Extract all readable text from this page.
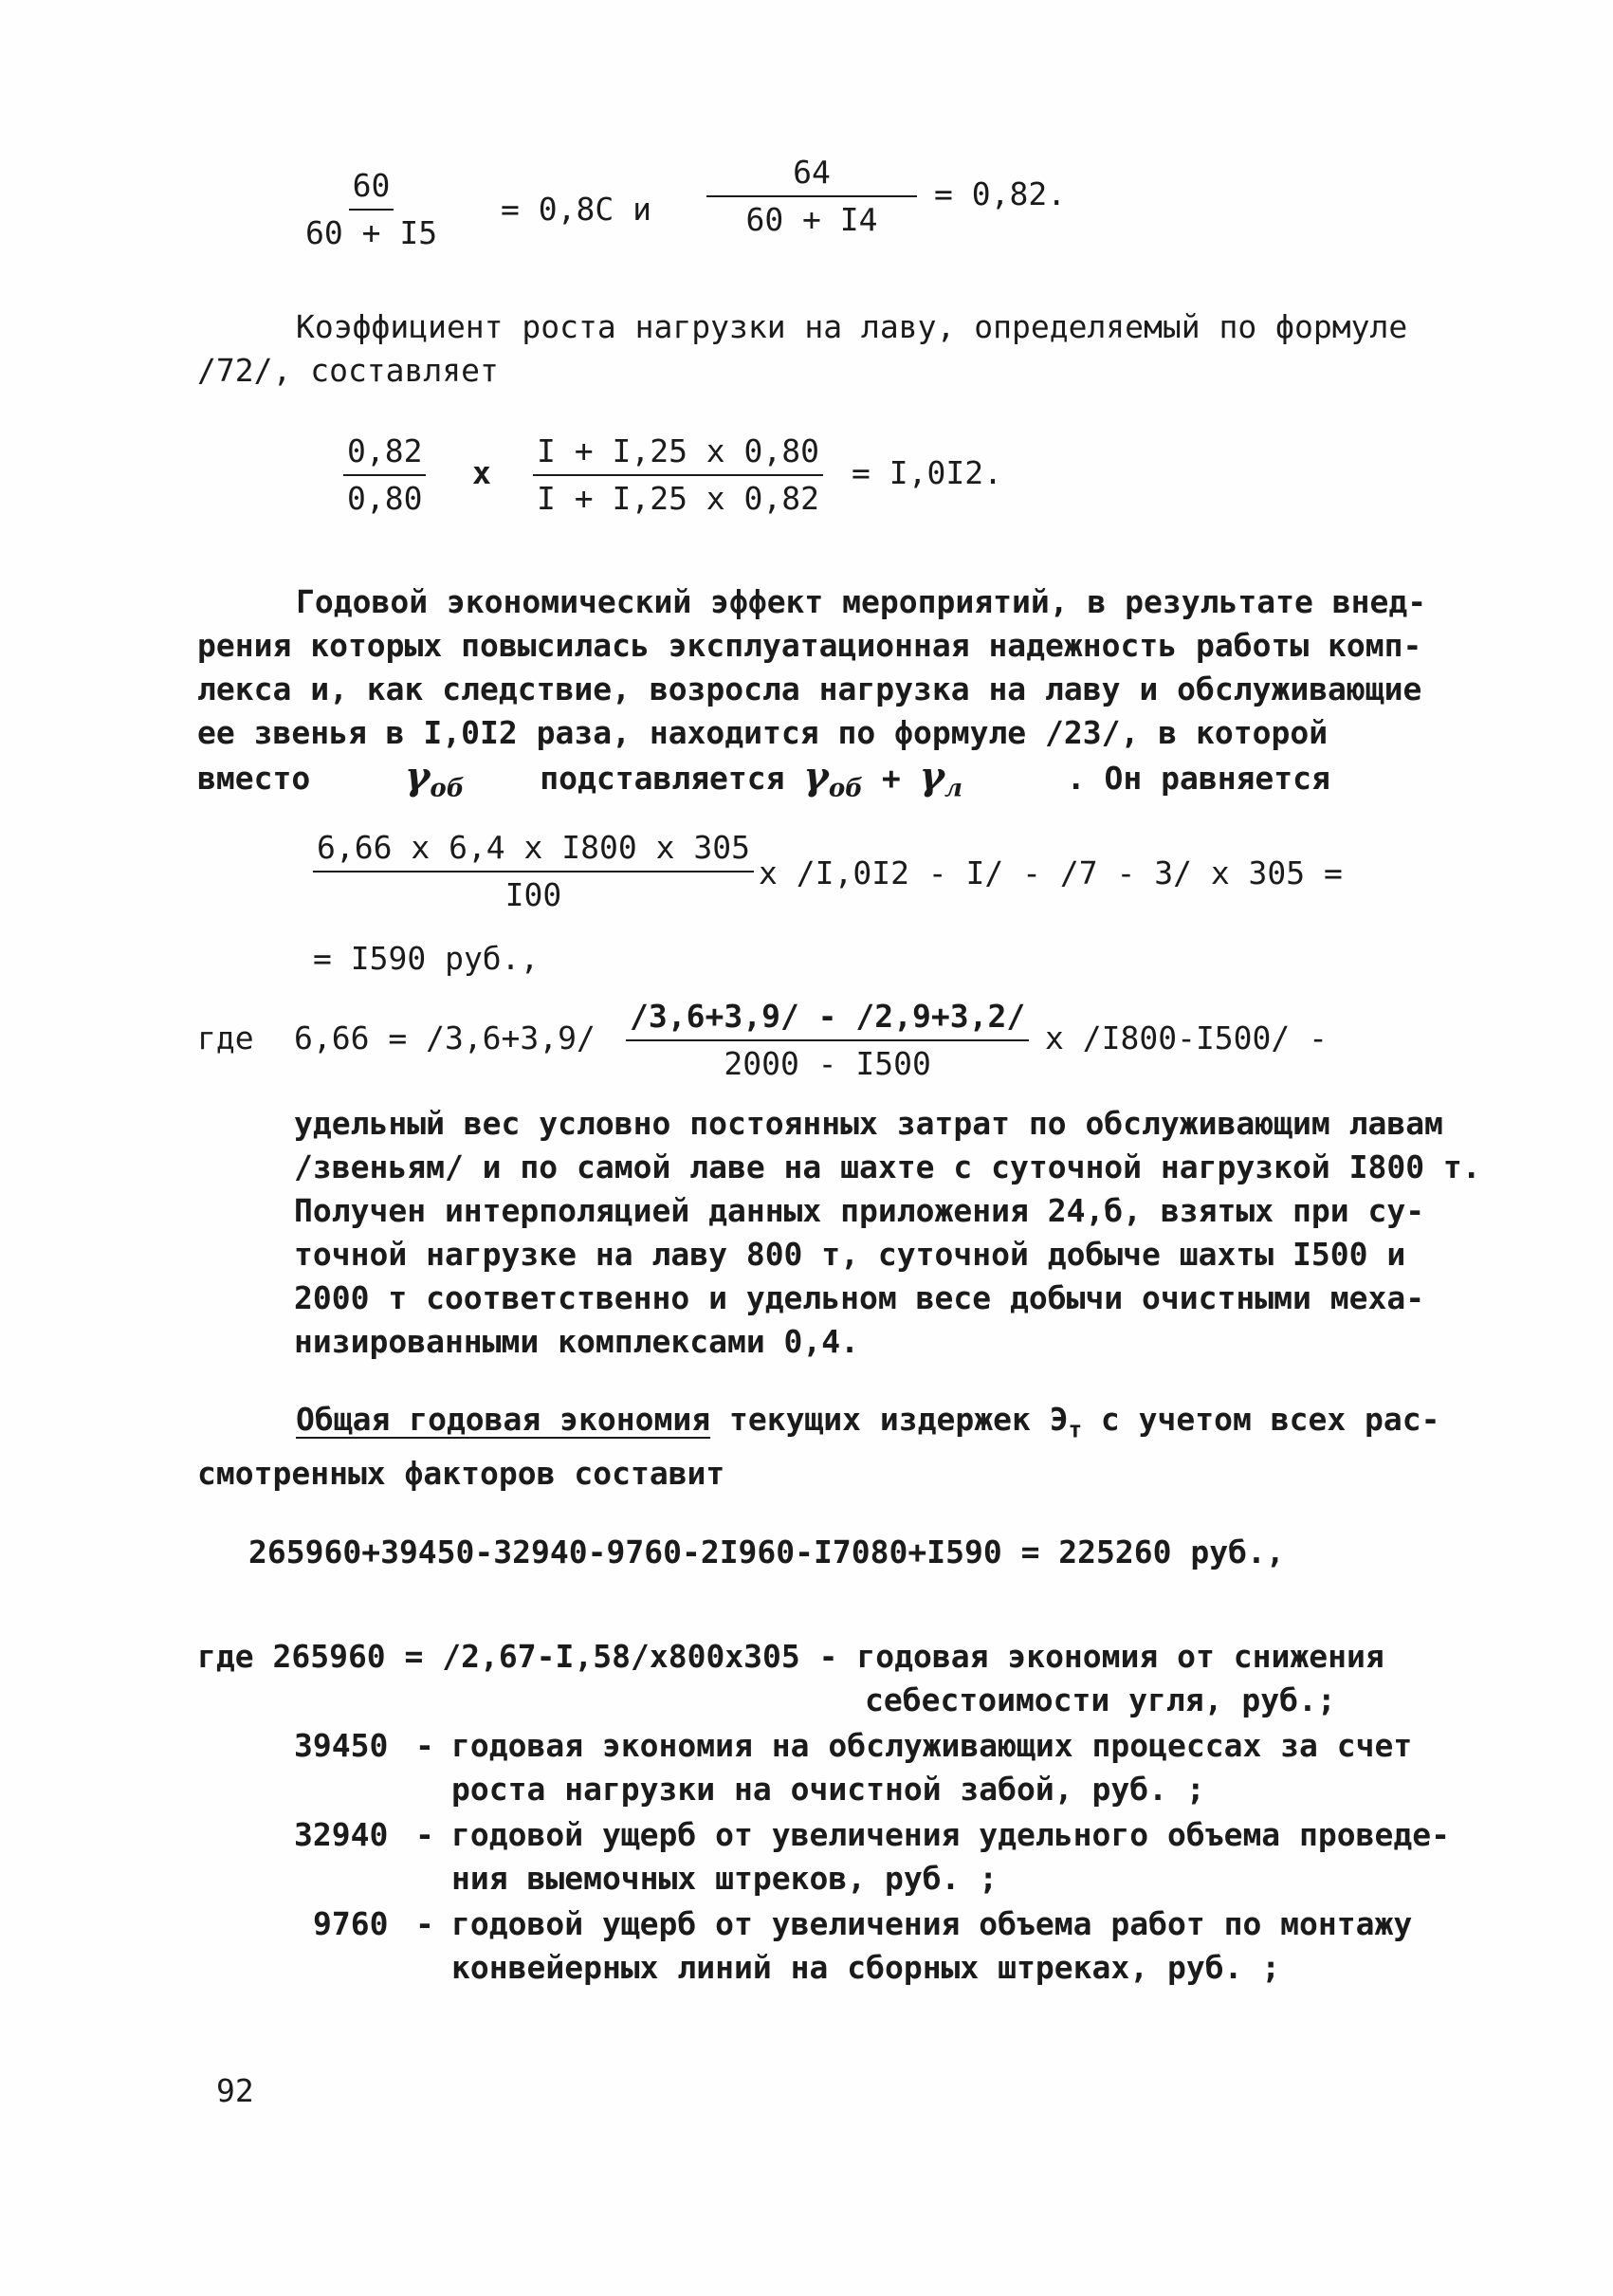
$\frac{60}{60 + I5} = 0,8C$ и $\frac{64}{60 + I4} = 0,82$.
Коэффициент роста нагрузки на лаву, определяемый по формуле
/72/, составляет
$\frac{0,82}{0,80}$ x $\frac{I + I,25 x 0,80}{I + I,25 x 0,82} = I,0I2$.
Годовой экономический эффект мероприятий, в результате внед-
рения которых повысилась эксплуатационная надежность работы комп-
лекса и, как следствие, возросла нагрузка на лаву и обслуживающие
ее звенья в I,0I2 раза, находится по формуле /23/, в которой
вместо $\gamma_{об}$ подставляется $\gamma_{об} + \gamma_л$	. Он равняется
$\frac{\text{6,66 x 6,4 x I800 x 305}}{I00}$ x /I,0I2 - I/ - /7 - 3/ x 305 =
= I590 руб.,
где $6,66 = /3,6+3,9/ \frac{/3,6+3,9/ - /2,9+3,2/}{2000 - I500}$ x /I800-I500/ -
удельный вес условно постоянных затрат по обслуживающим лавам
/звеньям/ и по самой лаве на шахте с суточной нагрузкой I800 т.
Получен интерполяцией данных приложения 24,б, взятых при су-
точной нагрузке на лаву 800 т, суточной добыче шахты I500 и
2000 т соответственно и удельном весе добычи очистными меха-
низированными комплексами 0,4.
Общая годовая экономия текущих издержек $Э_т$ с учетом всех рас-
смотренных факторов составит
265960+39450-32940-9760-2I960-I7080+I590 = 225260 руб.,
где 265960 = /2,67-I,58/x800x305 - годовая экономия от снижения
себестоимости угля, руб.;
39450 - годовая экономия на обслуживающих процессах за счет
роста нагрузки на очистной забой, руб. ;
32940 - годовой ущерб от увеличения удельного объема проведе-
ния выемочных штреков, руб. ;
9760 - годовой ущерб от увеличения объема работ по монтажу
конвейерных линий на сборных штреках, руб. ;
92
